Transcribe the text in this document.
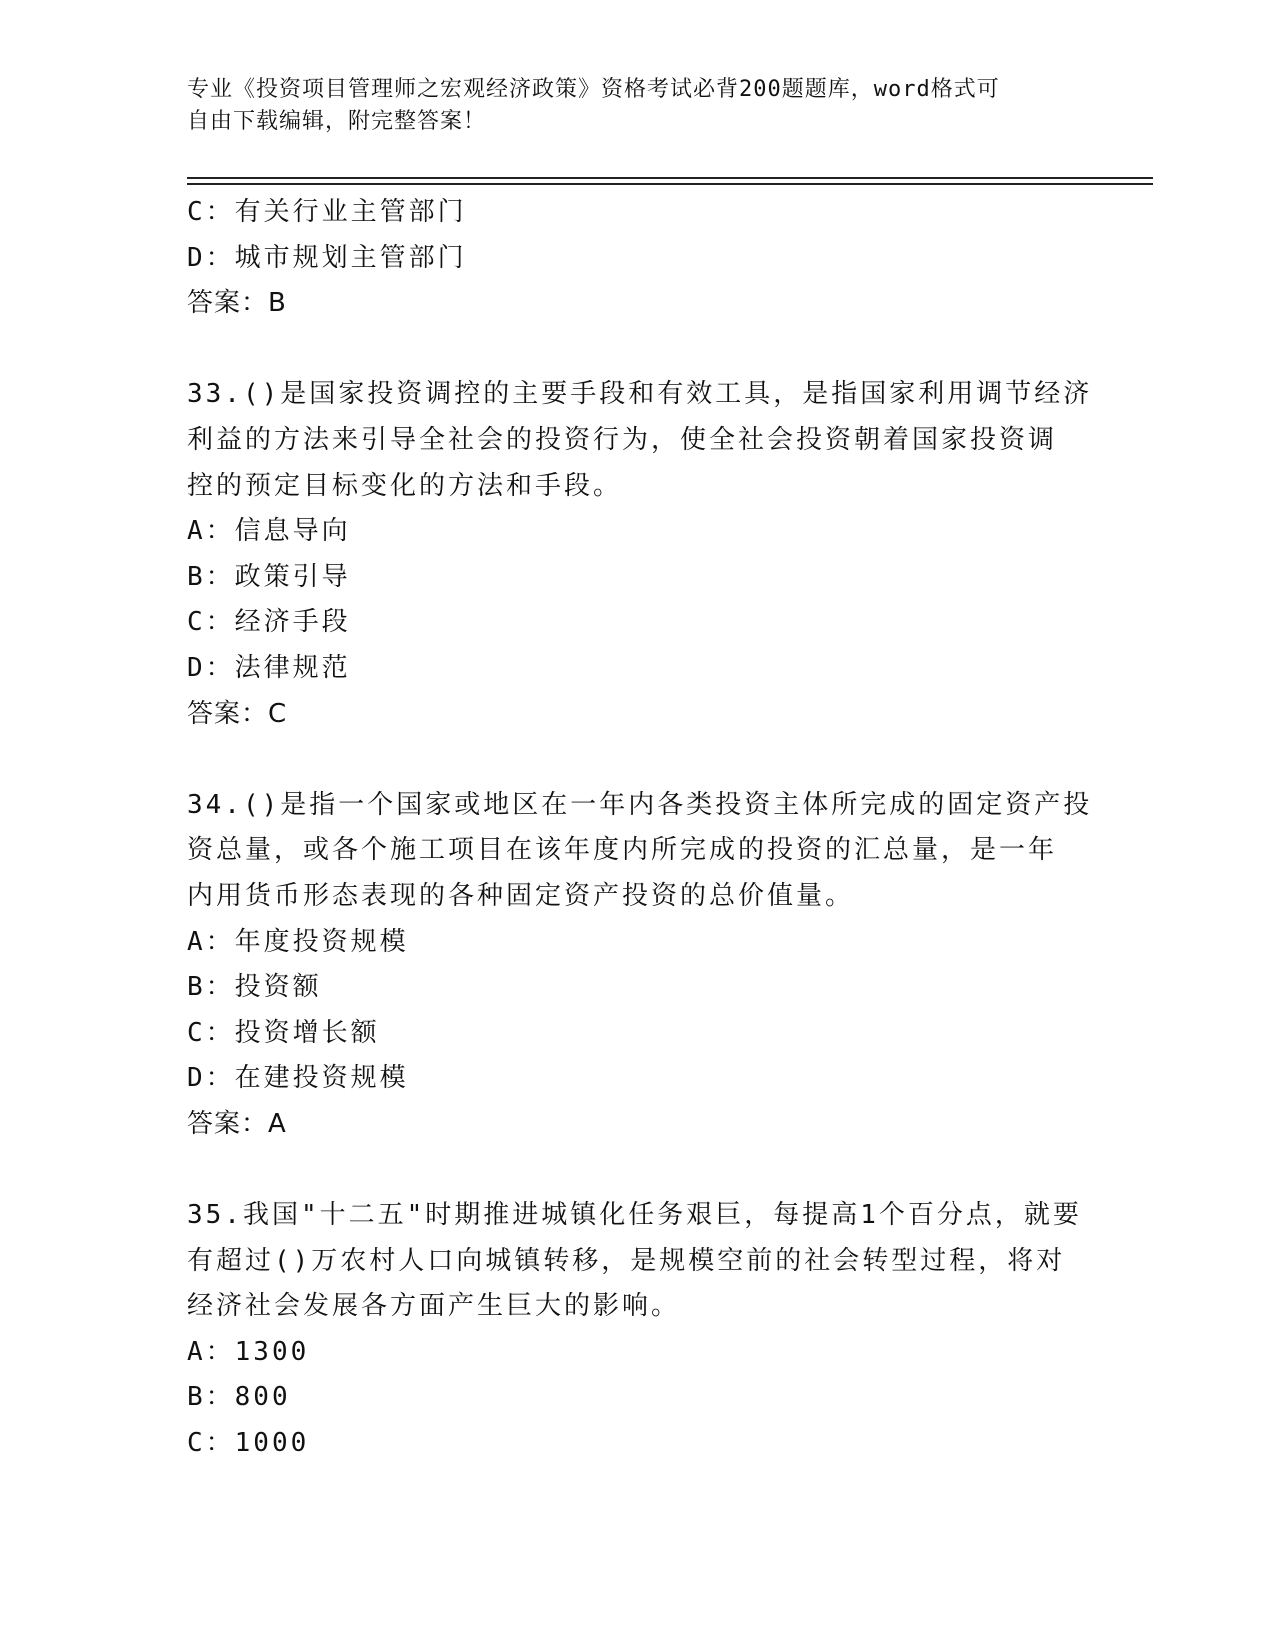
专业《投资项目管理师之宏观经济政策》资格考试必背200题题库，word格式可
自由下载编辑，附完整答案！
C：有关行业主管部门
D：城市规划主管部门
答案：B
33.()是国家投资调控的主要手段和有效工具，是指国家利用调节经济
利益的方法来引导全社会的投资行为，使全社会投资朝着国家投资调
控的预定目标变化的方法和手段。
A：信息导向
B：政策引导
C：经济手段
D：法律规范
答案：C
34.()是指一个国家或地区在一年内各类投资主体所完成的固定资产投
资总量，或各个施工项目在该年度内所完成的投资的汇总量，是一年
内用货币形态表现的各种固定资产投资的总价值量。
A：年度投资规模
B：投资额
C：投资增长额
D：在建投资规模
答案：A
35.我国"十二五"时期推进城镇化任务艰巨，每提高1个百分点，就要
有超过()万农村人口向城镇转移，是规模空前的社会转型过程，将对
经济社会发展各方面产生巨大的影响。
A：1300
B：800
C：1000
